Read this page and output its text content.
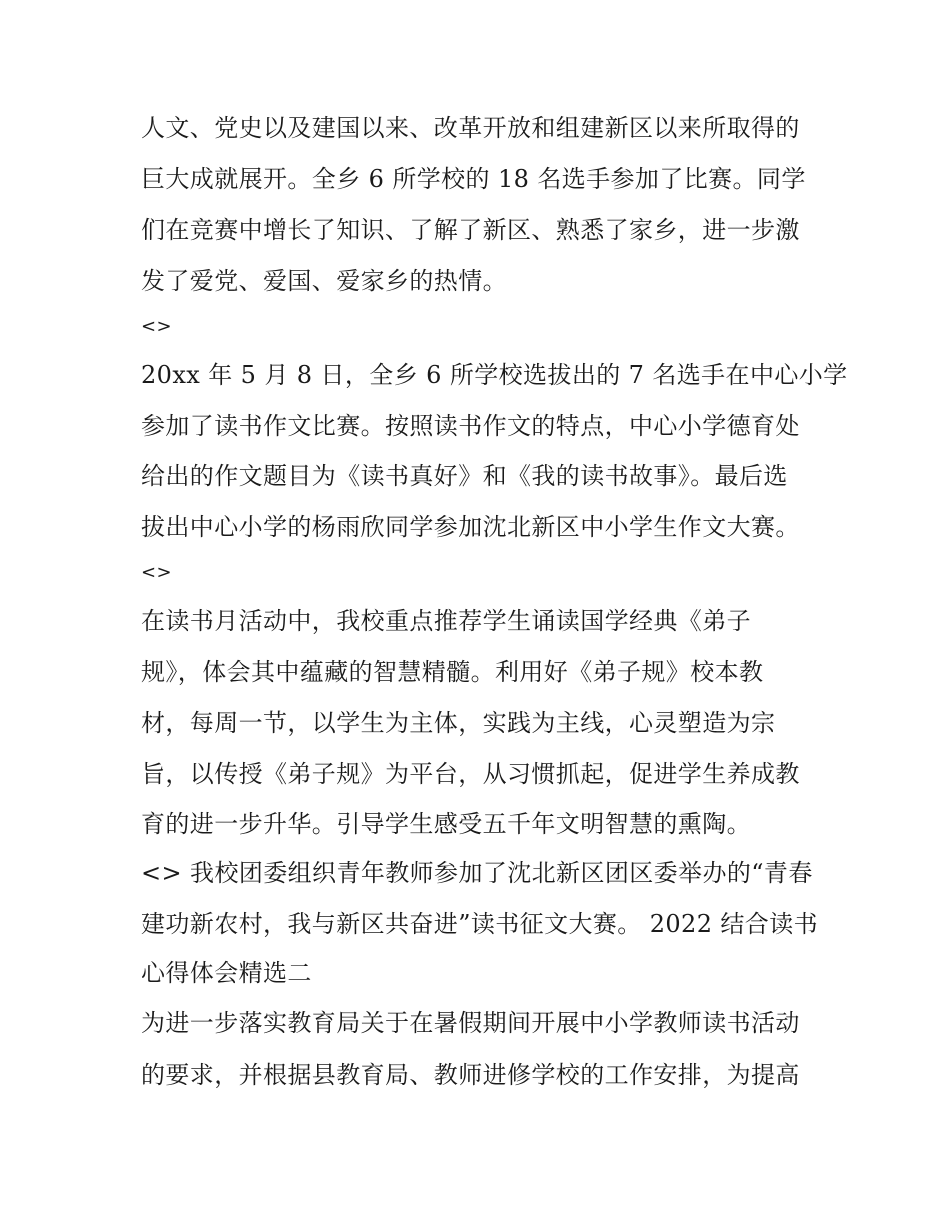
人文、党史以及建国以来、改革开放和组建新区以来所取得的
巨大成就展开。全乡 6 所学校的 18 名选手参加了比赛。同学
们在竞赛中增长了知识、了解了新区、熟悉了家乡，进一步激
发了爱党、爱国、爱家乡的热情。
<>
20xx 年 5 月 8 日，全乡 6 所学校选拔出的 7 名选手在中心小学
参加了读书作文比赛。按照读书作文的特点，中心小学德育处
给出的作文题目为《读书真好》和《我的读书故事》。最后选
拔出中心小学的杨雨欣同学参加沈北新区中小学生作文大赛。
<>
在读书月活动中，我校重点推荐学生诵读国学经典《弟子
规》，体会其中蕴藏的智慧精髓。利用好《弟子规》校本教
材，每周一节，以学生为主体，实践为主线，心灵塑造为宗
旨，以传授《弟子规》为平台，从习惯抓起，促进学生养成教
育的进一步升华。引导学生感受五千年文明智慧的熏陶。
<> 我校团委组织青年教师参加了沈北新区团区委举办的“青春
建功新农村，我与新区共奋进”读书征文大赛。 2022 结合读书
心得体会精选二
为进一步落实教育局关于在暑假期间开展中小学教师读书活动
的要求，并根据县教育局、教师进修学校的工作安排，为提高
